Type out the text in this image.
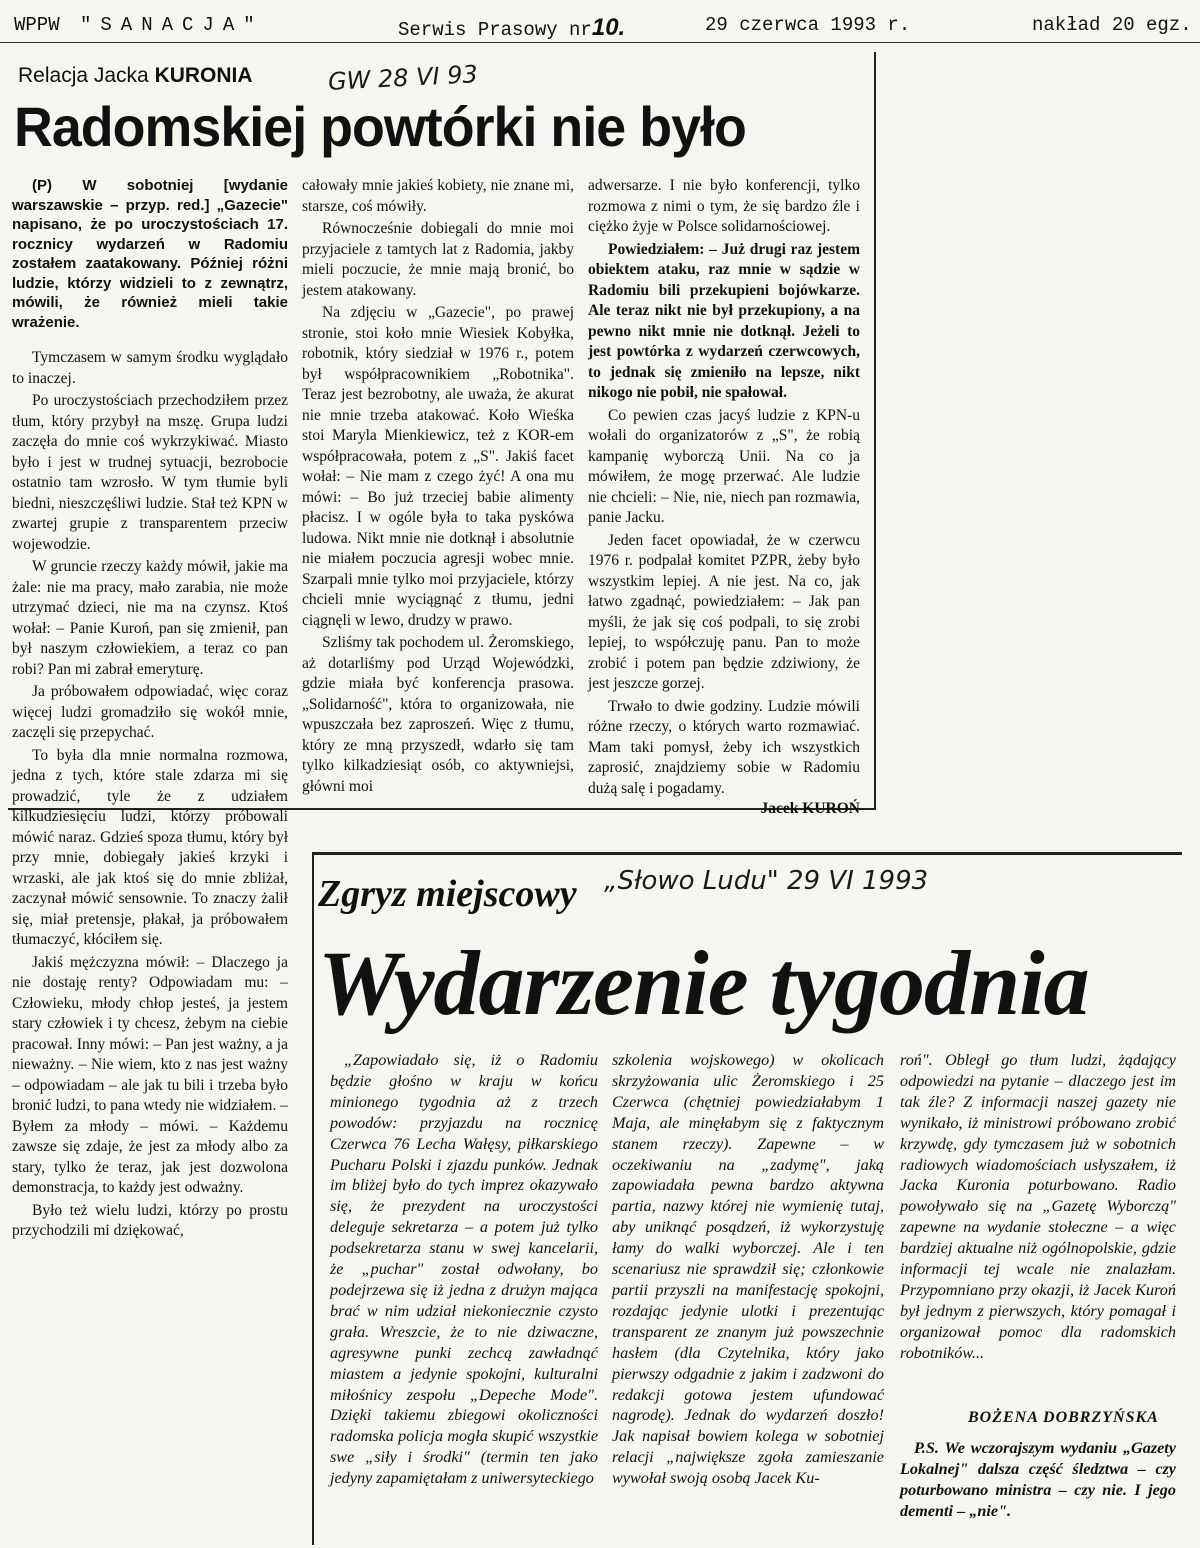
WPPW "SANACJA"	Serwis Prasowy nr10.	29 czerwca 1993 r.	nakład 20 egz.
Relacja Jacka KURONIA	GW 28 VI 93
Radomskiej powtórki nie było

(P) W sobotniej [wydanie warszawskie – przyp. red.] „Gazecie" napisano, że po uroczystościach 17. rocznicy wydarzeń w Radomiu zostałem zaatakowany. Później różni ludzie, którzy widzieli to z zewnątrz, mówili, że również mieli takie wrażenie.

Tymczasem w samym środku wyglądało to inaczej.

Po uroczystościach przechodziłem przez tłum, który przybył na mszę. Grupa ludzi zaczęła do mnie coś wykrzykiwać. Miasto było i jest w trudnej sytuacji, bezrobocie ostatnio tam wzrosło. W tym tłumie byli biedni, nieszczęśliwi ludzie. Stał też KPN w zwartej grupie z transparentem przeciw wojewodzie.

W gruncie rzeczy każdy mówił, jakie ma żale: nie ma pracy, mało zarabia, nie może utrzymać dzieci, nie ma na czynsz. Ktoś wołał: – Panie Kuroń, pan się zmienił, pan był naszym człowiekiem, a teraz co pan robi? Pan mi zabrał emeryturę.

Ja próbowałem odpowiadać, więc coraz więcej ludzi gromadziło się wokół mnie, zaczęli się przepychać.

To była dla mnie normalna rozmowa, jedna z tych, które stale zdarza mi się prowadzić, tyle że z udziałem kilkudziesięciu ludzi, którzy próbowali mówić naraz. Gdzieś spoza tłumu, który był przy mnie, dobiegały jakieś krzyki i wrzaski, ale jak ktoś się do mnie zbliżał, zaczynał mówić sensownie. To znaczy żalił się, miał pretensje, płakał, ja próbowałem tłumaczyć, kłóciłem się.

Jakiś mężczyzna mówił: – Dlaczego ja nie dostaję renty? Odpowiadam mu: – Człowieku, młody chłop jesteś, ja jestem stary człowiek i ty chcesz, żebym na ciebie pracował. Inny mówi: – Pan jest ważny, a ja nieważny. – Nie wiem, kto z nas jest ważny – odpowiadam – ale jak tu bili i trzeba było bronić ludzi, to pana wtedy nie widziałem. – Byłem za młody – mówi. – Każdemu zawsze się zdaje, że jest za młody albo za stary, tylko że teraz, jak jest dozwolona demonstracja, to każdy jest odważny.

Było też wielu ludzi, którzy po prostu przychodzili mi dziękować,

całowały mnie jakieś kobiety, nie znane mi, starsze, coś mówiły.

Równocześnie dobiegali do mnie moi przyjaciele z tamtych lat z Radomia, jakby mieli poczucie, że mnie mają bronić, bo jestem atakowany.

Na zdjęciu w „Gazecie", po prawej stronie, stoi koło mnie Wiesiek Kobyłka, robotnik, który siedział w 1976 r., potem był współpracownikiem „Robotnika". Teraz jest bezrobotny, ale uważa, że akurat nie mnie trzeba atakować. Koło Wieśka stoi Maryla Mienkiewicz, też z KOR-em współpracowała, potem z „S". Jakiś facet wołał: – Nie mam z czego żyć! A ona mu mówi: – Bo już trzeciej babie alimenty płacisz. I w ogóle była to taka pyskówa ludowa. Nikt mnie nie dotknął i absolutnie nie miałem poczucia agresji wobec mnie. Szarpali mnie tylko moi przyjaciele, którzy chcieli mnie wyciągnąć z tłumu, jedni ciągnęli w lewo, drudzy w prawo.

Szliśmy tak pochodem ul. Żeromskiego, aż dotarliśmy pod Urząd Wojewódzki, gdzie miała być konferencja prasowa. „Solidarność", która to organizowała, nie wpuszczała bez zaproszeń. Więc z tłumu, który ze mną przyszedł, wdarło się tam tylko kilkadziesiąt osób, co aktywniejsi, główni moi

adwersarze. I nie było konferencji, tylko rozmowa z nimi o tym, że się bardzo źle i ciężko żyje w Polsce solidarnościowej.

Powiedziałem: – Już drugi raz jestem obiektem ataku, raz mnie w sądzie w Radomiu bili przekupieni bojówkarze. Ale teraz nikt nie był przekupiony, a na pewno nikt mnie nie dotknął. Jeżeli to jest powtórka z wydarzeń czerwcowych, to jednak się zmieniło na lepsze, nikt nikogo nie pobił, nie spałował.

Co pewien czas jacyś ludzie z KPN-u wołali do organizatorów z „S", że robią kampanię wyborczą Unii. Na co ja mówiłem, że mogę przerwać. Ale ludzie nie chcieli: – Nie, nie, niech pan rozmawia, panie Jacku.

Jeden facet opowiadał, że w czerwcu 1976 r. podpalał komitet PZPR, żeby było wszystkim lepiej. A nie jest. Na co, jak łatwo zgadnąć, powiedziałem: – Jak pan myśli, że jak się coś podpali, to się zrobi lepiej, to współczuję panu. Pan to może zrobić i potem pan będzie zdziwiony, że jest jeszcze gorzej.

Trwało to dwie godziny. Ludzie mówili różne rzeczy, o których warto rozmawiać. Mam taki pomysł, żeby ich wszystkich zaprosić, znajdziemy sobie w Radomiu dużą salę i pogadamy.

Jacek KUROŃ
Zgryz miejscowy „Słowo Ludu" 29 VI 1993
Wydarzenie tygodnia

„Zapowiadało się, iż o Radomiu będzie głośno w kraju w końcu minionego tygodnia aż z trzech powodów: przyjazdu na rocznicę Czerwca 76 Lecha Wałęsy, piłkarskiego Pucharu Polski i zjazdu punków. Jednak im bliżej było do tych imprez okazywało się, że prezydent na uroczystości deleguje sekretarza – a potem już tylko podsekretarza stanu w swej kancelarii, że „puchar" został odwołany, bo podejrzewa się iż jedna z drużyn mająca brać w nim udział niekoniecznie czysto grała. Wreszcie, że to nie dziwaczne, agresywne punki zechcą zawładnąć miastem a jedynie spokojni, kulturalni miłośnicy zespołu „Depeche Mode". Dzięki takiemu zbiegowi okoliczności radomska policja mogła skupić wszystkie swe „siły i środki" (termin ten jako jedyny zapamiętałam z uniwersyteckiego

szkolenia wojskowego) w okolicach skrzyżowania ulic Żeromskiego i 25 Czerwca (chętniej powiedziałabym 1 Maja, ale minęłabym się z faktycznym stanem rzeczy). Zapewne – w oczekiwaniu na „zadymę", jaką zapowiadała pewna bardzo aktywna partia, nazwy której nie wymienię tutaj, aby uniknąć posądzeń, iż wykorzystuję łamy do walki wyborczej. Ale i ten scenariusz nie sprawdził się; członkowie partii przyszli na manifestację spokojni, rozdając jedynie ulotki i prezentując transparent ze znanym już powszechnie hasłem (dla Czytelnika, który jako pierwszy odgadnie z jakim i zadzwoni do redakcji gotowa jestem ufundować nagrodę). Jednak do wydarzeń doszło! Jak napisał bowiem kolega w sobotniej relacji „największe zgoła zamieszanie wywołał swoją osobą Jacek Ku-

roń". Obległ go tłum ludzi, żądający odpowiedzi na pytanie – dlaczego jest im tak źle? Z informacji naszej gazety nie wynikało, iż ministrowi próbowano zrobić krzywdę, gdy tymczasem już w sobotnich radiowych wiadomościach usłyszałem, iż Jacka Kuronia poturbowano. Radio powoływało się na „Gazetę Wyborczą" zapewne na wydanie stołeczne – a więc bardziej aktualne niż ogólnopolskie, gdzie informacji tej wcale nie znalazłam. Przypomniano przy okazji, iż Jacek Kuroń był jednym z pierwszych, który pomagał i organizował pomoc dla radomskich robotników...

BOŻENA DOBRZYŃSKA

P.S. We wczorajszym wydaniu „Gazety Lokalnej" dalsza część śledztwa – czy poturbowano ministra – czy nie. I jego dementi – „nie".
